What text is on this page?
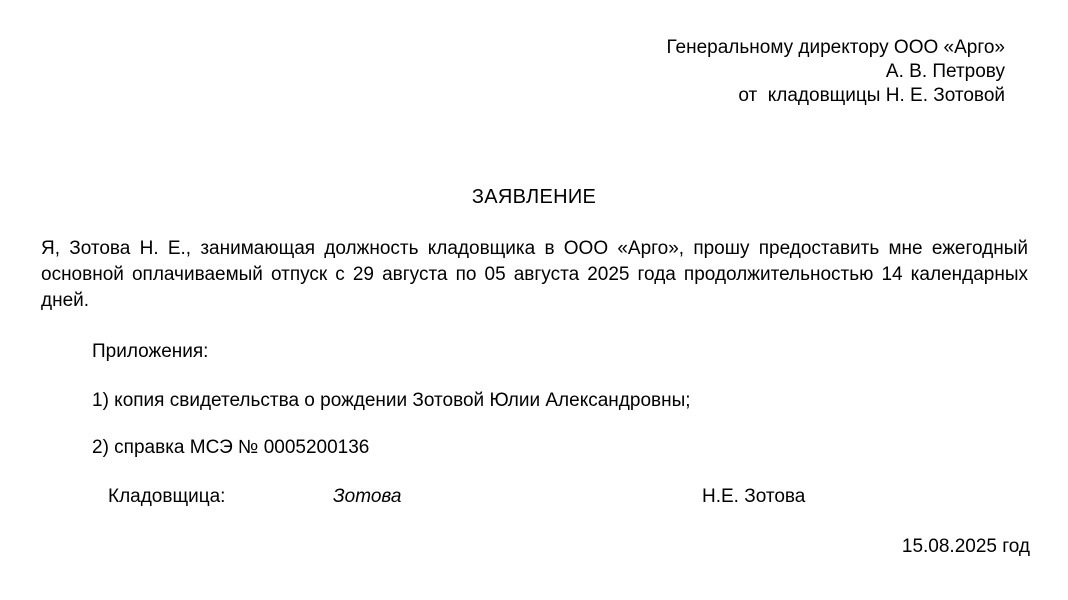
Генеральному директору ООО «Арго»
А. В. Петрову
от  кладовщицы Н. Е. Зотовой
ЗАЯВЛЕНИЕ
Я, Зотова Н. Е., занимающая должность кладовщика в ООО «Арго», прошу предоставить мне ежегодный основной оплачиваемый отпуск с 29 августа по 05 августа 2025 года продолжительностью 14 календарных дней.
Приложения:
1) копия свидетельства о рождении Зотовой Юлии Александровны;
2) справка МСЭ № 0005200136
Кладовщица:	Зотова	Н.Е. Зотова
15.08.2025 год
